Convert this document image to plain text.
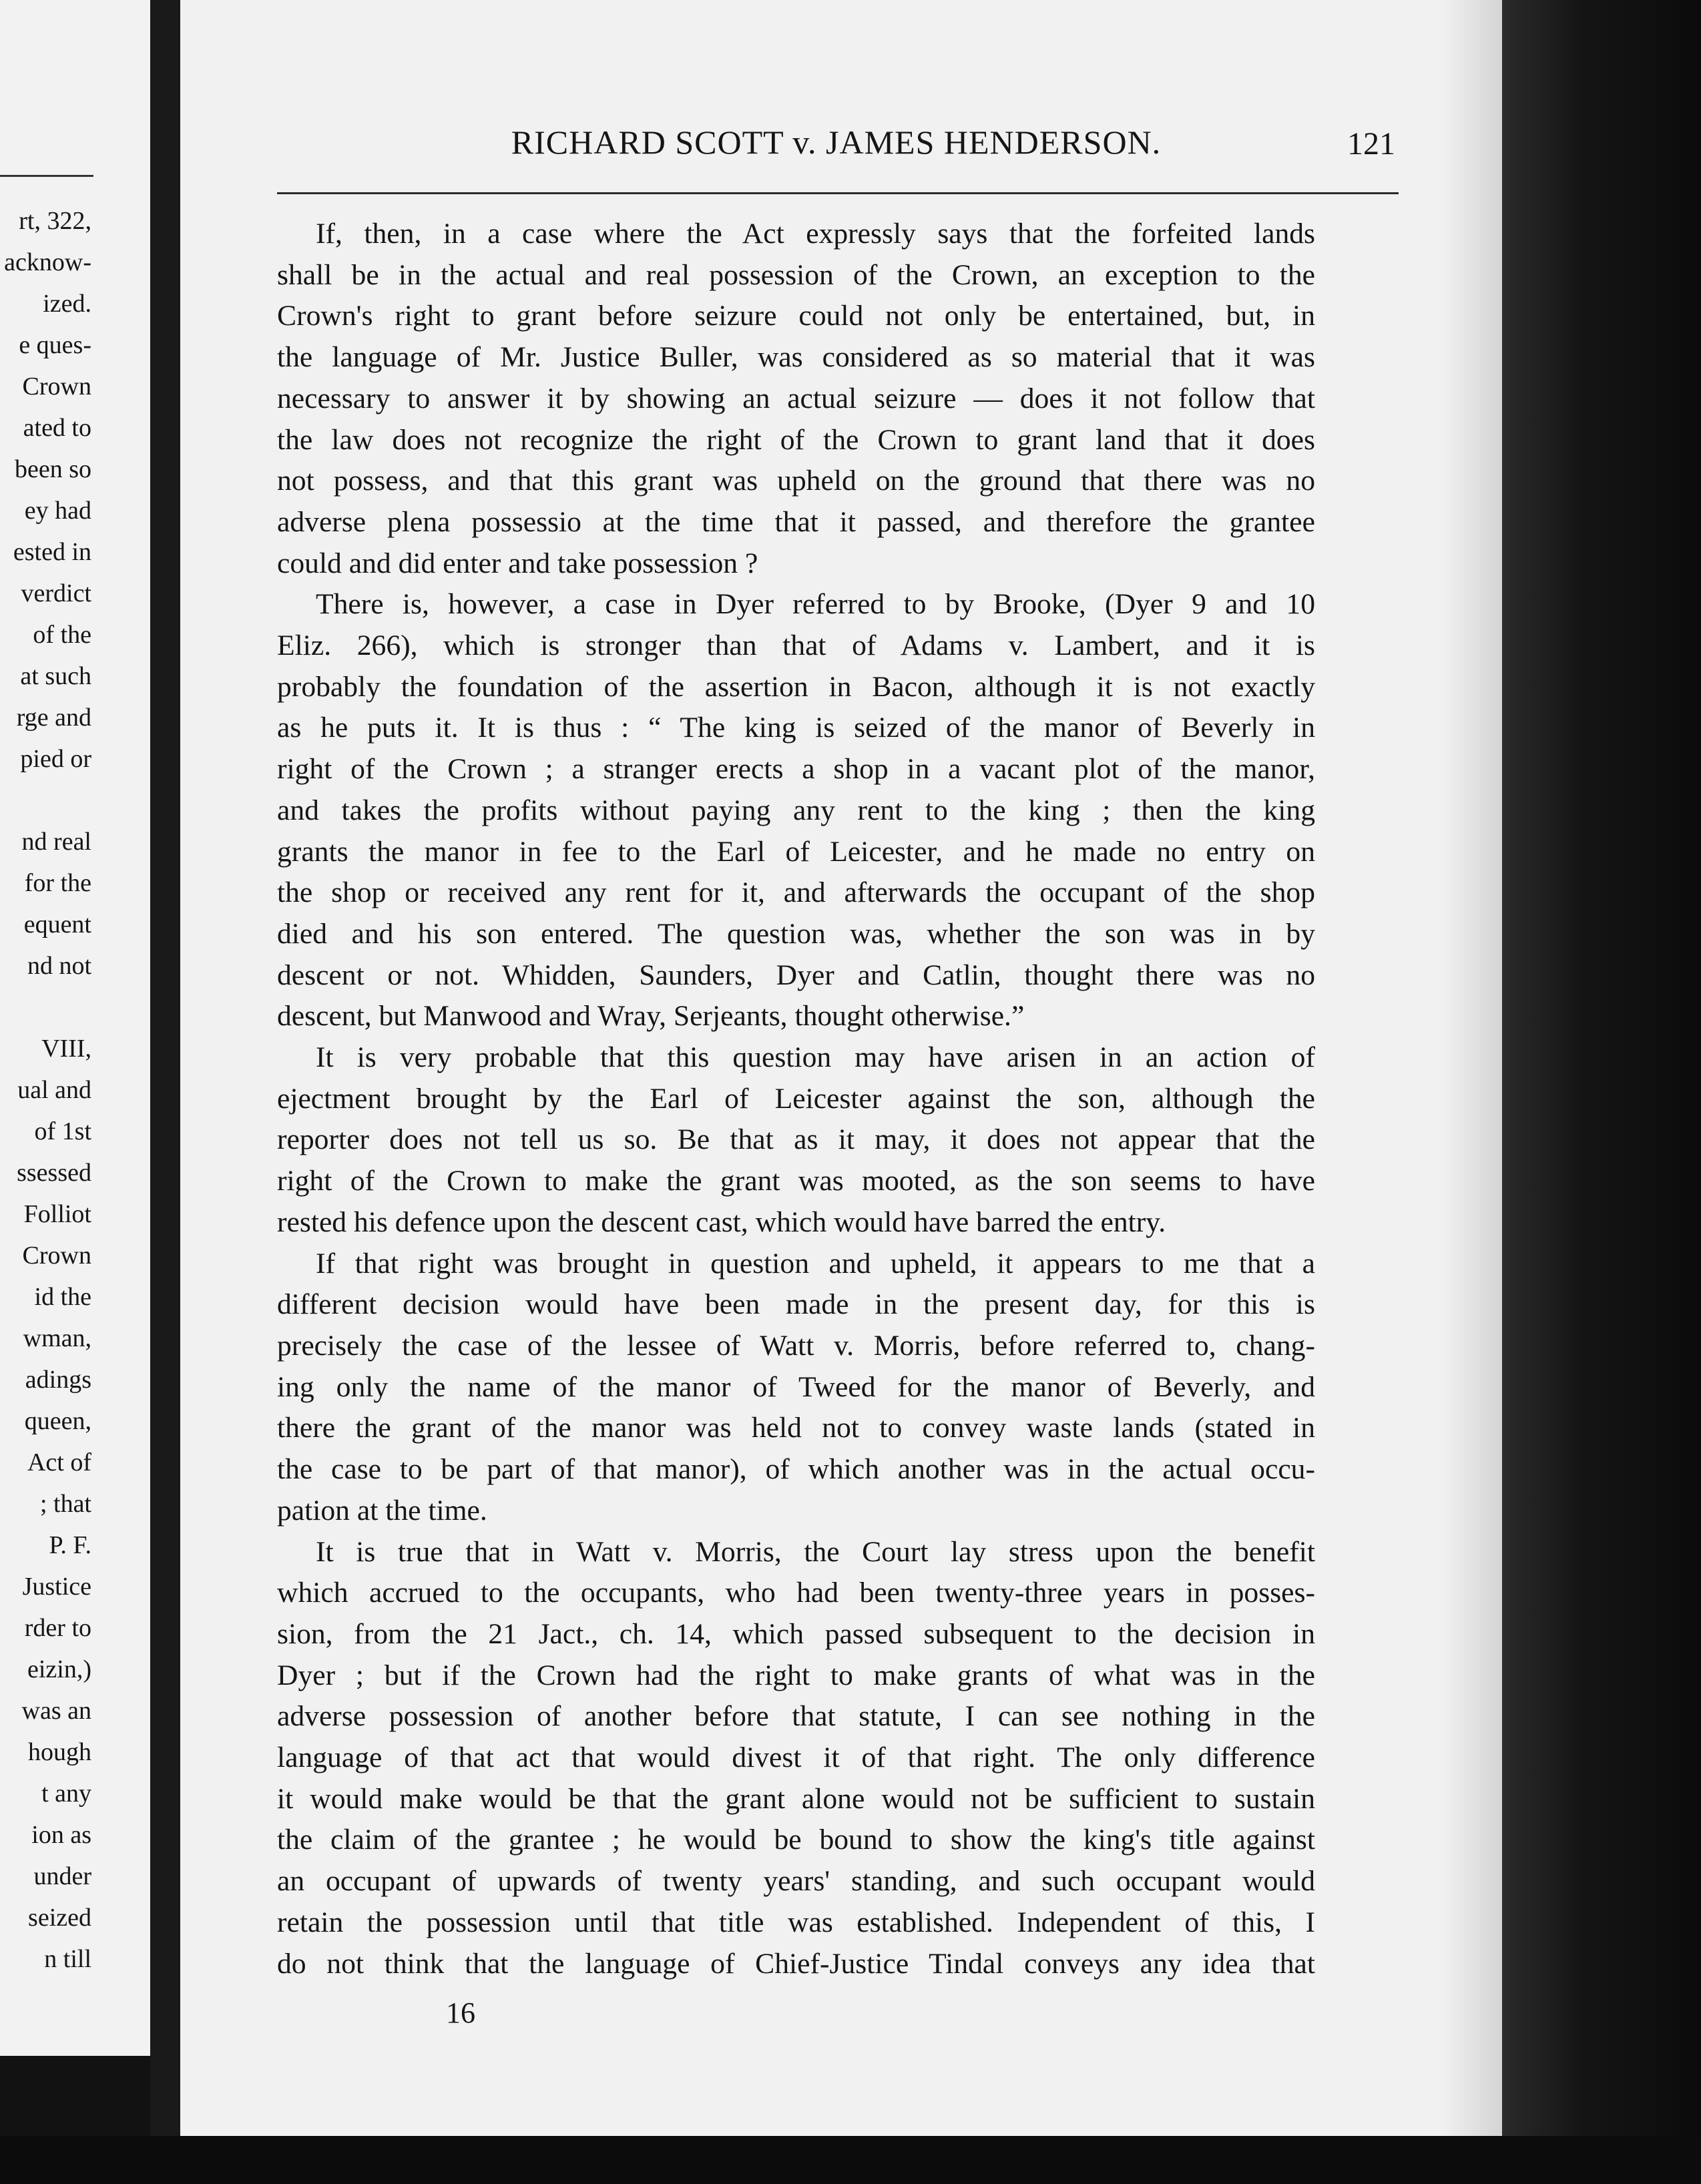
rt, 322,
acknow-
ized.
e ques-
Crown
ated to
been so
ey had
ested in
verdict
of the
at such
rge and
pied or
nd real
for the
equent
nd not
VIII,
ual and
of 1st
ssessed
Folliot
Crown
id the
wman,
adings
queen,
Act of
; that
P. F.
Justice
rder to
eizin,)
was an
hough
t any
ion as
under
seized
n till
RICHARD SCOTT v. JAMES HENDERSON.	121
If, then, in a case where the Act expressly says that the forfeited lands
shall be in the actual and real possession of the Crown, an exception to the
Crown's right to grant before seizure could not only be entertained, but, in
the language of Mr. Justice Buller, was considered as so material that it was
necessary to answer it by showing an actual seizure — does it not follow that
the law does not recognize the right of the Crown to grant land that it does
not possess, and that this grant was upheld on the ground that there was no
adverse plena possessio at the time that it passed, and therefore the grantee
could and did enter and take possession ?
There is, however, a case in Dyer referred to by Brooke, (Dyer 9 and 10
Eliz. 266), which is stronger than that of Adams v. Lambert, and it is
probably the foundation of the assertion in Bacon, although it is not exactly
as he puts it. It is thus : “ The king is seized of the manor of Beverly in
right of the Crown ; a stranger erects a shop in a vacant plot of the manor,
and takes the profits without paying any rent to the king ; then the king
grants the manor in fee to the Earl of Leicester, and he made no entry on
the shop or received any rent for it, and afterwards the occupant of the shop
died and his son entered. The question was, whether the son was in by
descent or not. Whidden, Saunders, Dyer and Catlin, thought there was no
descent, but Manwood and Wray, Serjeants, thought otherwise.”
It is very probable that this question may have arisen in an action of
ejectment brought by the Earl of Leicester against the son, although the
reporter does not tell us so. Be that as it may, it does not appear that the
right of the Crown to make the grant was mooted, as the son seems to have
rested his defence upon the descent cast, which would have barred the entry.
If that right was brought in question and upheld, it appears to me that a
different decision would have been made in the present day, for this is
precisely the case of the lessee of Watt v. Morris, before referred to, chang-
ing only the name of the manor of Tweed for the manor of Beverly, and
there the grant of the manor was held not to convey waste lands (stated in
the case to be part of that manor), of which another was in the actual occu-
pation at the time.
It is true that in Watt v. Morris, the Court lay stress upon the benefit
which accrued to the occupants, who had been twenty-three years in posses-
sion, from the 21 Jact., ch. 14, which passed subsequent to the decision in
Dyer ; but if the Crown had the right to make grants of what was in the
adverse possession of another before that statute, I can see nothing in the
language of that act that would divest it of that right. The only difference
it would make would be that the grant alone would not be sufficient to sustain
the claim of the grantee ; he would be bound to show the king's title against
an occupant of upwards of twenty years' standing, and such occupant would
retain the possession until that title was established. Independent of this, I
do not think that the language of Chief-Justice Tindal conveys any idea that
16
